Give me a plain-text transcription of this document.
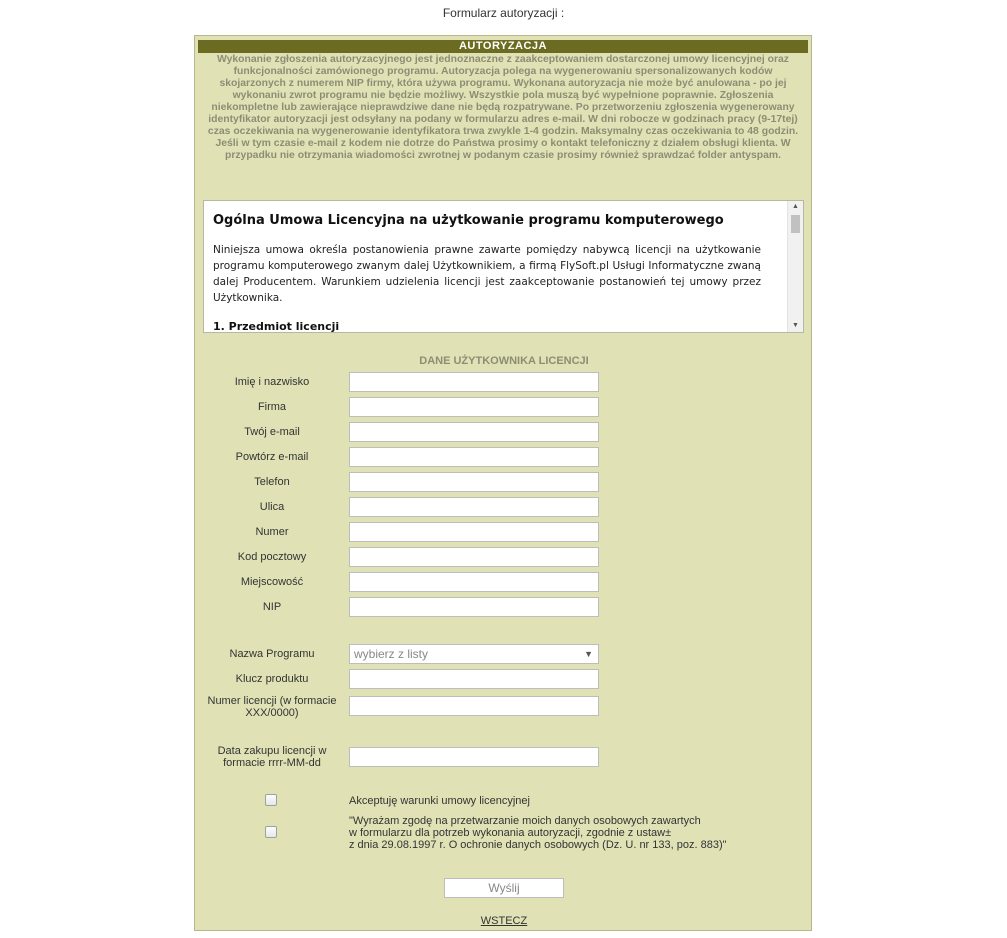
Formularz autoryzacji :
AUTORYZACJA
Wykonanie zgłoszenia autoryzacyjnego jest jednoznaczne z zaakceptowaniem dostarczonej umowy licencyjnej oraz funkcjonalności zamówionego programu. Autoryzacja polega na wygenerowaniu spersonalizowanych kodów skojarzonych z numerem NIP firmy, która używa programu. Wykonana autoryzacja nie może być anulowana - po jej wykonaniu zwrot programu nie będzie możliwy. Wszystkie pola muszą być wypełnione poprawnie. Zgłoszenia niekompletne lub zawierające nieprawdziwe dane nie będą rozpatrywane. Po przetworzeniu zgłoszenia wygenerowany identyfikator autoryzacji jest odsyłany na podany w formularzu adres e-mail. W dni robocze w godzinach pracy (9-17tej) czas oczekiwania na wygenerowanie identyfikatora trwa zwykle 1-4 godzin. Maksymalny czas oczekiwania to 48 godzin. Jeśli w tym czasie e-mail z kodem nie dotrze do Państwa prosimy o kontakt telefoniczny z działem obsługi klienta. W przypadku nie otrzymania wiadomości zwrotnej w podanym czasie prosimy również sprawdzać folder antyspam.
Ogólna Umowa Licencyjna na użytkowanie programu komputerowego
Niniejsza umowa określa postanowienia prawne zawarte pomiędzy nabywcą licencji na użytkowanie programu komputerowego zwanym dalej Użytkownikiem, a firmą FlySoft.pl Usługi Informatyczne zwaną dalej Producentem. Warunkiem udzielenia licencji jest zaakceptowanie postanowień tej umowy przez Użytkownika.
1. Przedmiot licencji
▲
▼
DANE UŻYTKOWNIKA LICENCJI
Imię i nazwisko
Firma
Twój e-mail
Powtórz e-mail
Telefon
Ulica
Numer
Kod pocztowy
Miejscowość
NIP
Nazwa Programu	wybierz z listy	▼
Klucz produktu
Numer licencji (w formacie XXX/0000)
Data zakupu licencji w formacie rrrr-MM-dd
Akceptuję warunki umowy licencyjnej
"Wyrażam zgodę na przetwarzanie moich danych osobowych zawartych
w formularzu dla potrzeb wykonania autoryzacji, zgodnie z ustaw±
z dnia 29.08.1997 r. O ochronie danych osobowych (Dz. U. nr 133, poz. 883)"
Wyślij
WSTECZ
